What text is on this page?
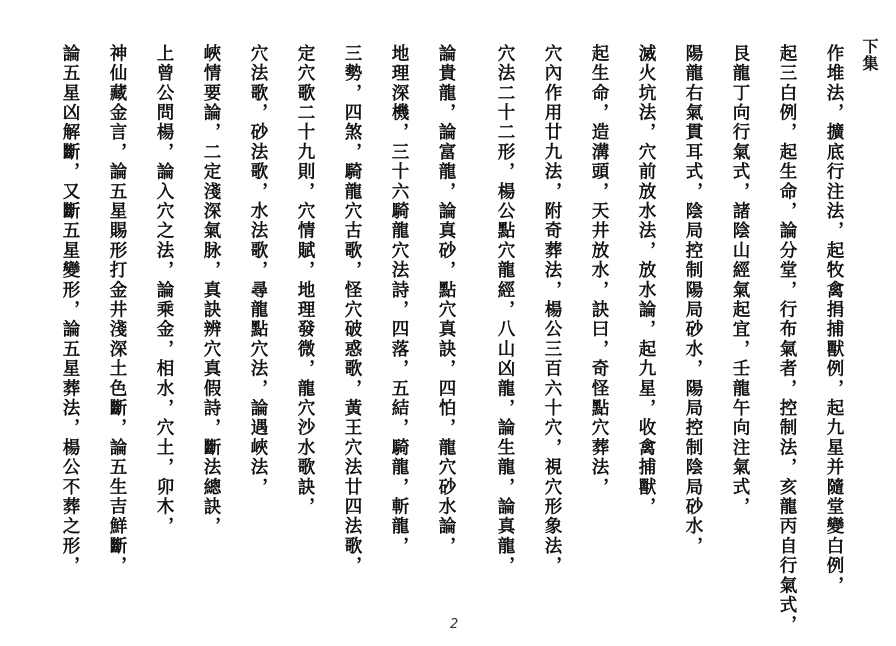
下集
作堆法，擴底行注法，起牧禽捐捕獸例，起九星并隨堂變白例，
起三白例，起生命，論分堂，行布氣者，控制法，亥龍丙自行氣式，
艮龍丁向行氣式，諸陰山經氣起宜，壬龍午向注氣式，
陽龍右氣貫耳式，陰局控制陽局砂水，陽局控制陰局砂水，
滅火坑法，穴前放水法，放水論，起九星，收禽捕獸，
起生命，造溝頭，天井放水，訣曰，奇怪點穴葬法，
穴內作用廿九法，附奇葬法，楊公三百六十穴，視穴形象法，
穴法二十二形，楊公點穴龍經，八山凶龍，論生龍，論真龍，
論貴龍，論富龍，論真砂，點穴真訣，四怕，龍穴砂水論，
地理深機，三十六騎龍穴法詩，四落，五結，騎龍，斬龍，
三勢，四煞，騎龍穴古歌，怪穴破惑歌，黃王穴法廿四法歌，
定穴歌二十九則，穴情賦，地理發微，龍穴沙水歌訣，
穴法歌，砂法歌，水法歌，尋龍點穴法，論遇峽法，
峽情要論，二定淺深氣脉，真訣辨穴真假詩，斷法總訣，
上曾公問楊，論入穴之法，論乘金，相水，穴土，卯木，
神仙藏金言，論五星賜形打金井淺深土色斷，論五生吉鮮斷，
論五星凶解斷，又斷五星變形，論五星葬法，楊公不葬之形，
2
